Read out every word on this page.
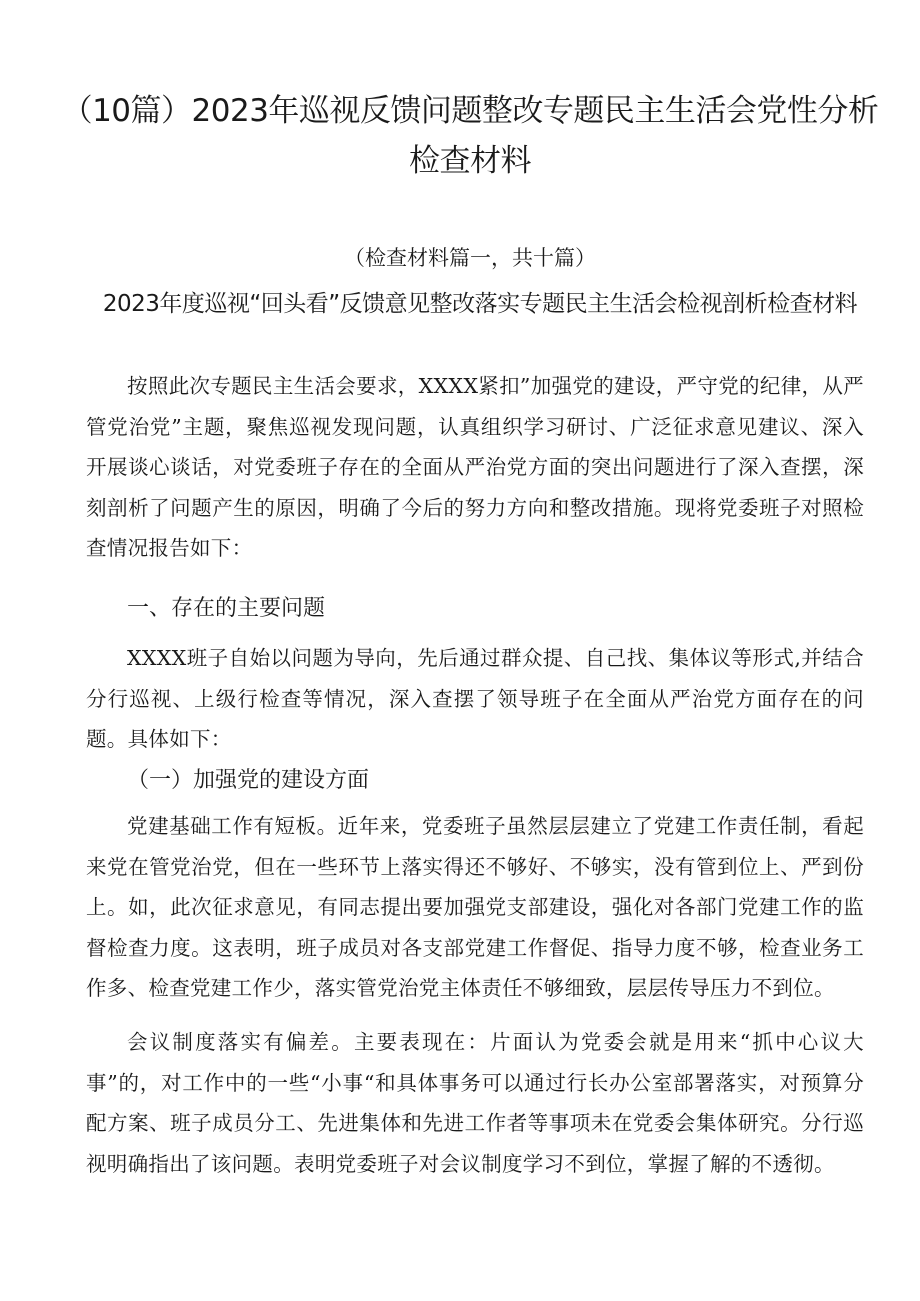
（10篇）2023年巡视反馈问题整改专题民主生活会党性分析检查材料

（检查材料篇一，共十篇）

2023年度巡视“回头看”反馈意见整改落实专题民主生活会检视剖析检查材料

按照此次专题民主生活会要求，XXXX紧扣”加强党的建设，严守党的纪律，从严管党治党”主题，聚焦巡视发现问题，认真组织学习研讨、广泛征求意见建议、深入开展谈心谈话，对党委班子存在的全面从严治党方面的突出问题进行了深入查摆，深刻剖析了问题产生的原因，明确了今后的努力方向和整改措施。现将党委班子对照检查情况报告如下：

一、存在的主要问题

XXXX班子自始以问题为导向，先后通过群众提、自己找、集体议等形式,并结合分行巡视、上级行检查等情况，深入查摆了领导班子在全面从严治党方面存在的问题。具体如下：

（一）加强党的建设方面

党建基础工作有短板。近年来，党委班子虽然层层建立了党建工作责任制，看起来党在管党治党，但在一些环节上落实得还不够好、不够实，没有管到位上、严到份上。如，此次征求意见，有同志提出要加强党支部建设，强化对各部门党建工作的监督检查力度。这表明，班子成员对各支部党建工作督促、指导力度不够，检查业务工作多、检查党建工作少，落实管党治党主体责任不够细致，层层传导压力不到位。

会议制度落实有偏差。主要表现在：片面认为党委会就是用来“抓中心议大事”的，对工作中的一些“小事“和具体事务可以通过行长办公室部署落实，对预算分配方案、班子成员分工、先进集体和先进工作者等事项未在党委会集体研究。分行巡视明确指出了该问题。表明党委班子对会议制度学习不到位，掌握了解的不透彻。
